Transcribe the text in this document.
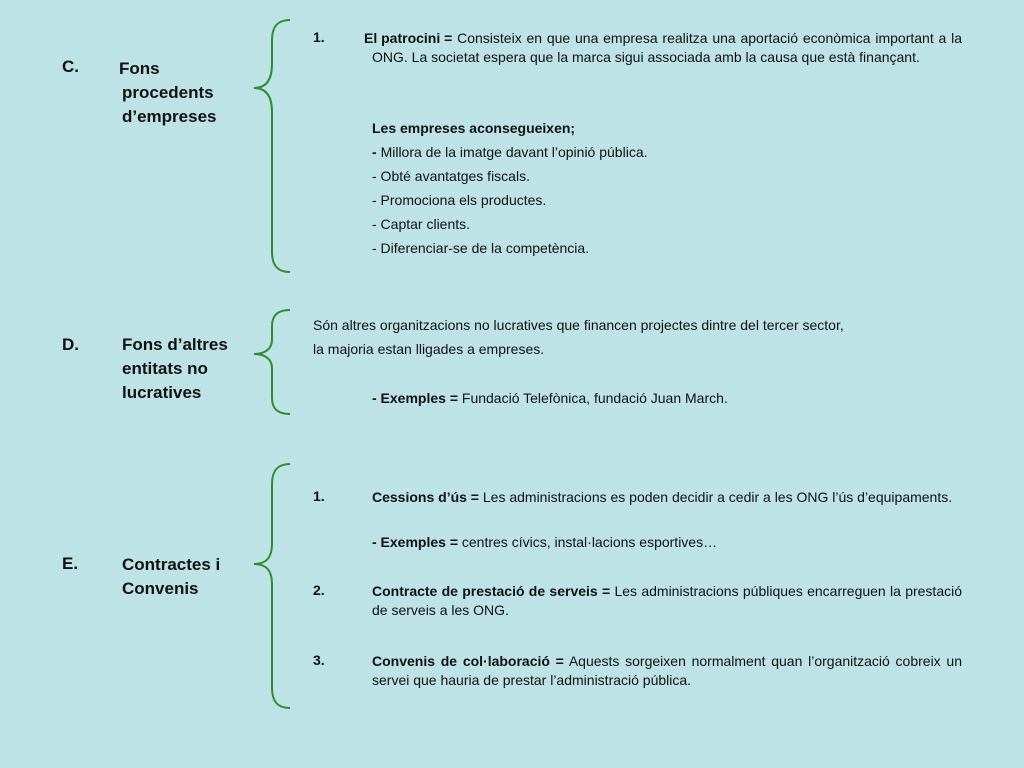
C. Fons
procedents
d’empreses
1.	El patrocini = Consisteix en que una empresa realitza una aportació econòmica important a la ONG. La societat espera que la marca sigui associada amb la causa que està finançant.
Les empreses aconsegueixen;
- Millora de la imatge davant l’opinió pública.
- Obté avantatges fiscals.
- Promociona els productes.
- Captar clients.
- Diferenciar-se de la competència.
D.	Fons d’altres
entitats no
lucratives
Són altres organitzacions no lucratives que financen projectes dintre del tercer sector,
la majoria estan lligades a empreses.
- Exemples = Fundació Telefònica, fundació Juan March.
E.	Contractes i
Convenis
1.	Cessions d’ús = Les administracions es poden decidir a cedir a les ONG l’ús d’equipaments.
- Exemples = centres cívics, instal·lacions esportives…
2.	Contracte de prestació de serveis = Les administracions públiques encarreguen la prestació de serveis a les ONG.
3.	Convenis de col·laboració = Aquests sorgeixen normalment quan l’organització cobreix un servei que hauria de prestar l’administració pública.
